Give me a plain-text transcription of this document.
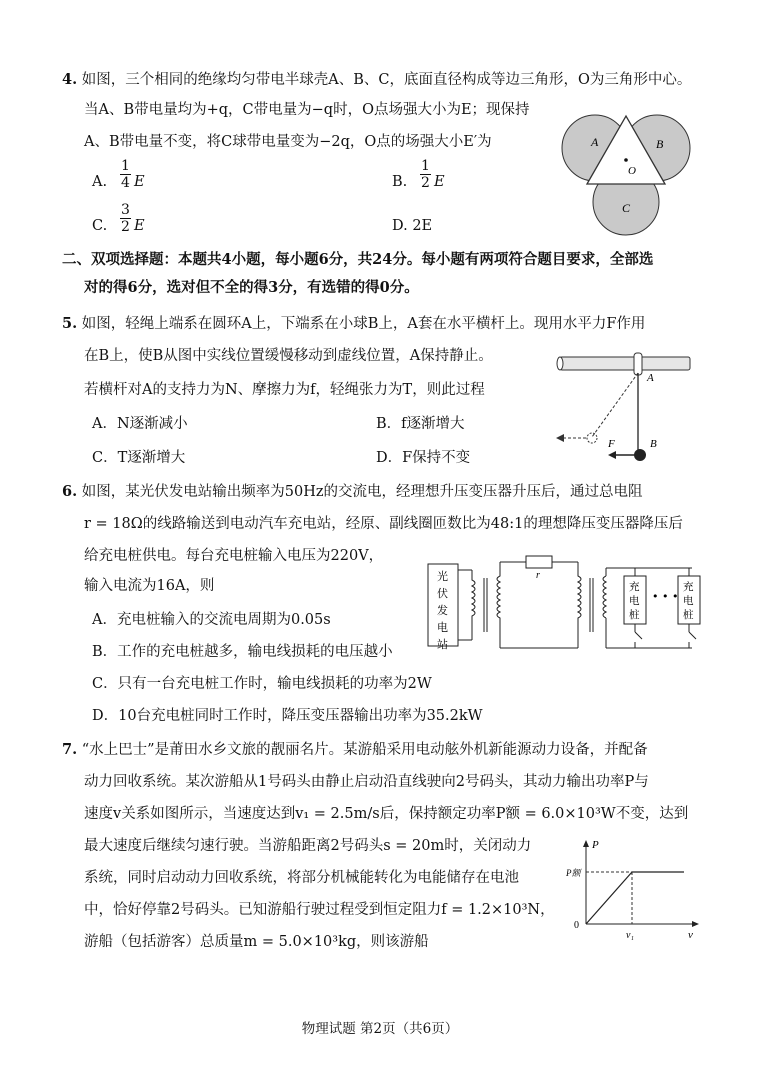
4. 如图，三个相同的绝缘均匀带电半球壳A、B、C，底面直径构成等边三角形，O为三角形中心。
当A、B带电量均为+q，C带电量为−q时，O点场强大小为E；现保持
A、B带电量不变，将C球带电量变为−2q，O点的场强大小E′为
A. $\frac{1}{4}$ E	B. $\frac{1}{2}$ E
C. $\frac{3}{2}$ E	D. 2E
A	B
C
O
二、双项选择题：本题共4小题，每小题6分，共24分。每小题有两项符合题目要求，全部选
对的得6分，选对但不全的得3分，有选错的得0分。
5. 如图，轻绳上端系在圆环A上，下端系在小球B上，A套在水平横杆上。现用水平力F作用
在B上，使B从图中实线位置缓慢移动到虚线位置，A保持静止。
若横杆对A的支持力为N、摩擦力为f，轻绳张力为T，则此过程
A．N逐渐减小	B．f逐渐增大
C．T逐渐增大	D．F保持不变
A
B
F
6. 如图，某光伏发电站输出频率为50Hz的交流电，经理想升压变压器升压后，通过总电阻
r = 18Ω的线路输送到电动汽车充电站，经原、副线圈匝数比为48:1的理想降压变压器降压后
给充电桩供电。每台充电桩输入电压为220V，
输入电流为16A，则
A．充电桩输入的交流电周期为0.05s
B．工作的充电桩越多，输电线损耗的电压越小
C．只有一台充电桩工作时，输电线损耗的功率为2W
D．10台充电桩同时工作时，降压变压器输出功率为35.2kW
光伏发电站
r
充电桩
• • •
充电桩
7. “水上巴士”是莆田水乡文旅的靓丽名片。某游船采用电动舷外机新能源动力设备，并配备
动力回收系统。某次游船从1号码头由静止启动沿直线驶向2号码头，其动力输出功率P与
速度v关系如图所示，当速度达到v₁ = 2.5m/s后，保持额定功率P额 = 6.0×10³W不变，达到
最大速度后继续匀速行驶。当游船距离2号码头s = 20m时，关闭动力
系统，同时启动动力回收系统，将部分机械能转化为电能储存在电池
中，恰好停靠2号码头。已知游船行驶过程受到恒定阻力f = 1.2×10³N，
游船（包括游客）总质量m = 5.0×10³kg，则该游船
P
v
0
v₁
P额
物理试题 第2页（共6页）
